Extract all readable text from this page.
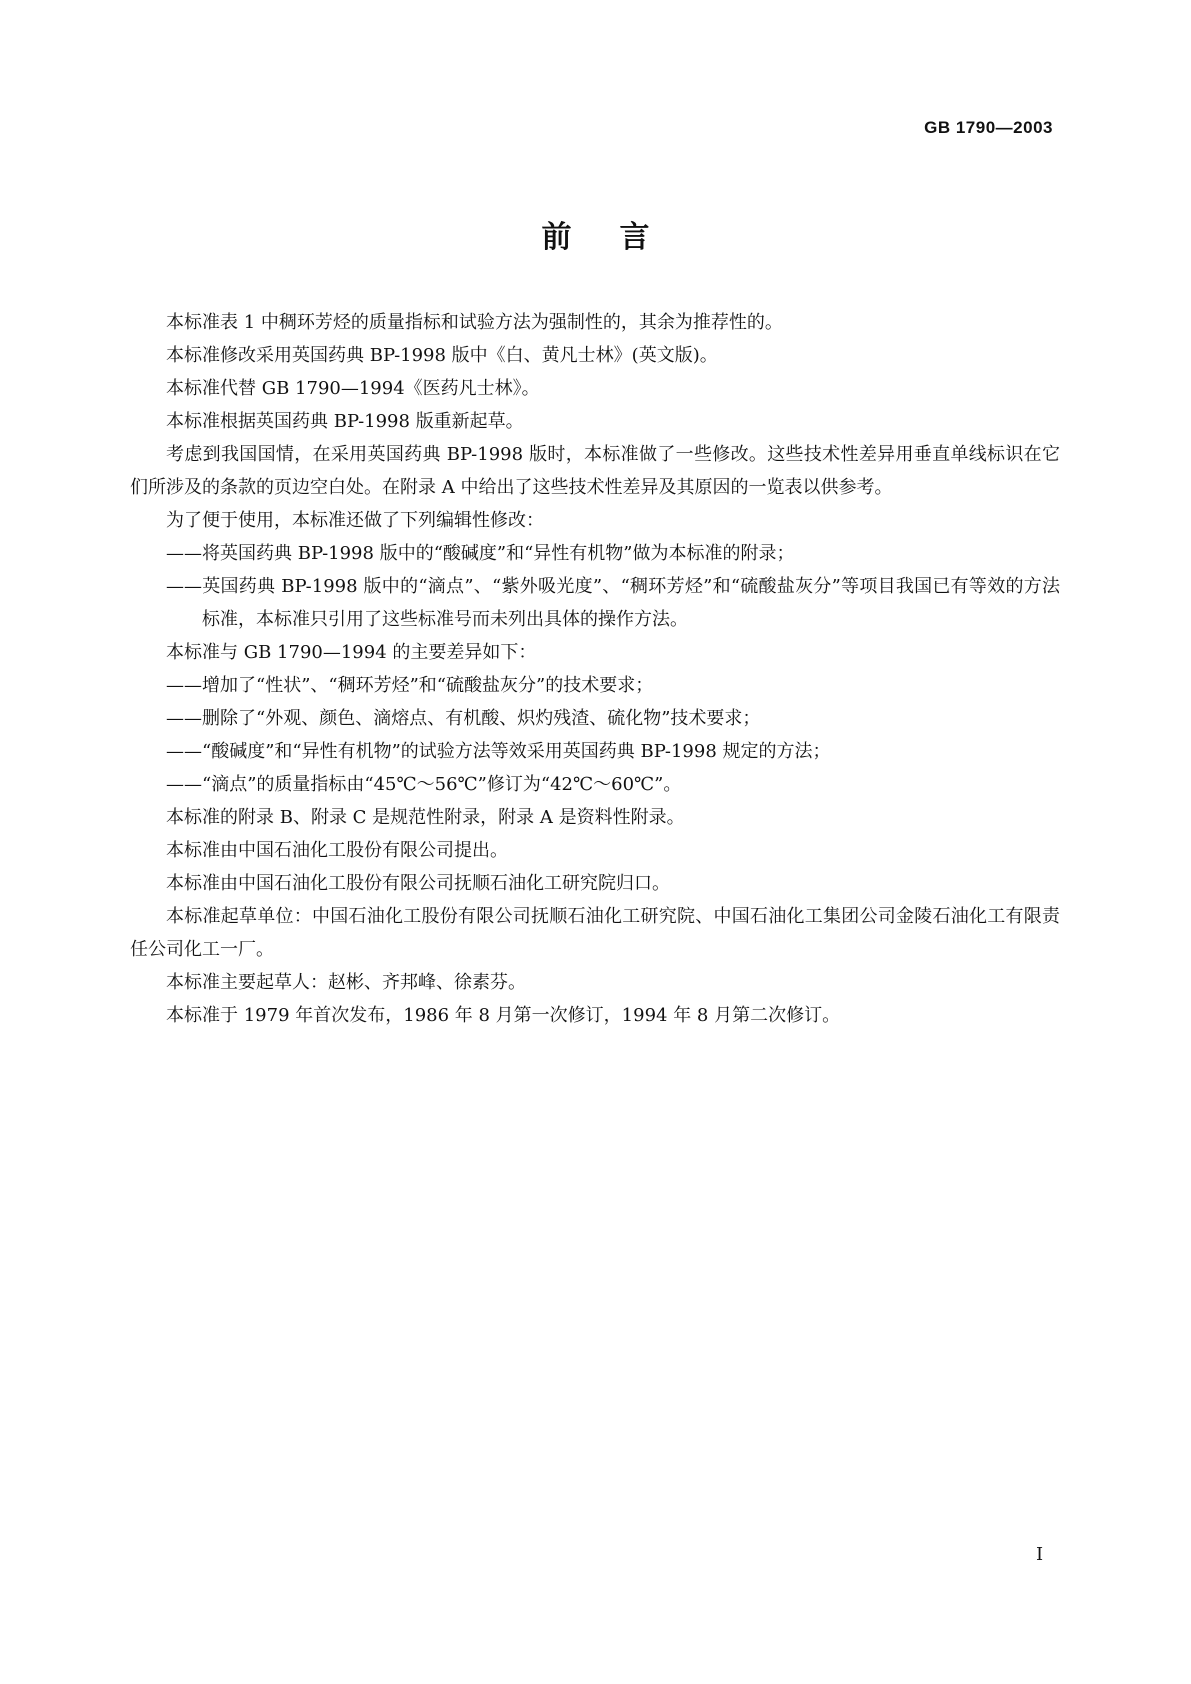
GB 1790—2003
前言

本标准表 1 中稠环芳烃的质量指标和试验方法为强制性的，其余为推荐性的。

本标准修改采用英国药典 BP-1998 版中《白、黄凡士林》(英文版)。

本标准代替 GB 1790—1994《医药凡士林》。

本标准根据英国药典 BP-1998 版重新起草。

考虑到我国国情，在采用英国药典 BP-1998 版时，本标准做了一些修改。这些技术性差异用垂直单线标识在它们所涉及的条款的页边空白处。在附录 A 中给出了这些技术性差异及其原因的一览表以供参考。

为了便于使用，本标准还做了下列编辑性修改：

——将英国药典 BP-1998 版中的“酸碱度”和“异性有机物”做为本标准的附录；

——英国药典 BP-1998 版中的“滴点”、“紫外吸光度”、“稠环芳烃”和“硫酸盐灰分”等项目我国已有等效的方法标准，本标准只引用了这些标准号而未列出具体的操作方法。

本标准与 GB 1790—1994 的主要差异如下：

——增加了“性状”、“稠环芳烃”和“硫酸盐灰分”的技术要求；

——删除了“外观、颜色、滴熔点、有机酸、炽灼残渣、硫化物”技术要求；

——“酸碱度”和“异性有机物”的试验方法等效采用英国药典 BP-1998 规定的方法；

——“滴点”的质量指标由“45℃～56℃”修订为“42℃～60℃”。

本标准的附录 B、附录 C 是规范性附录，附录 A 是资料性附录。

本标准由中国石油化工股份有限公司提出。

本标准由中国石油化工股份有限公司抚顺石油化工研究院归口。

本标准起草单位：中国石油化工股份有限公司抚顺石油化工研究院、中国石油化工集团公司金陵石油化工有限责任公司化工一厂。

本标准主要起草人：赵彬、齐邦峰、徐素芬。

本标准于 1979 年首次发布，1986 年 8 月第一次修订，1994 年 8 月第二次修订。

I
